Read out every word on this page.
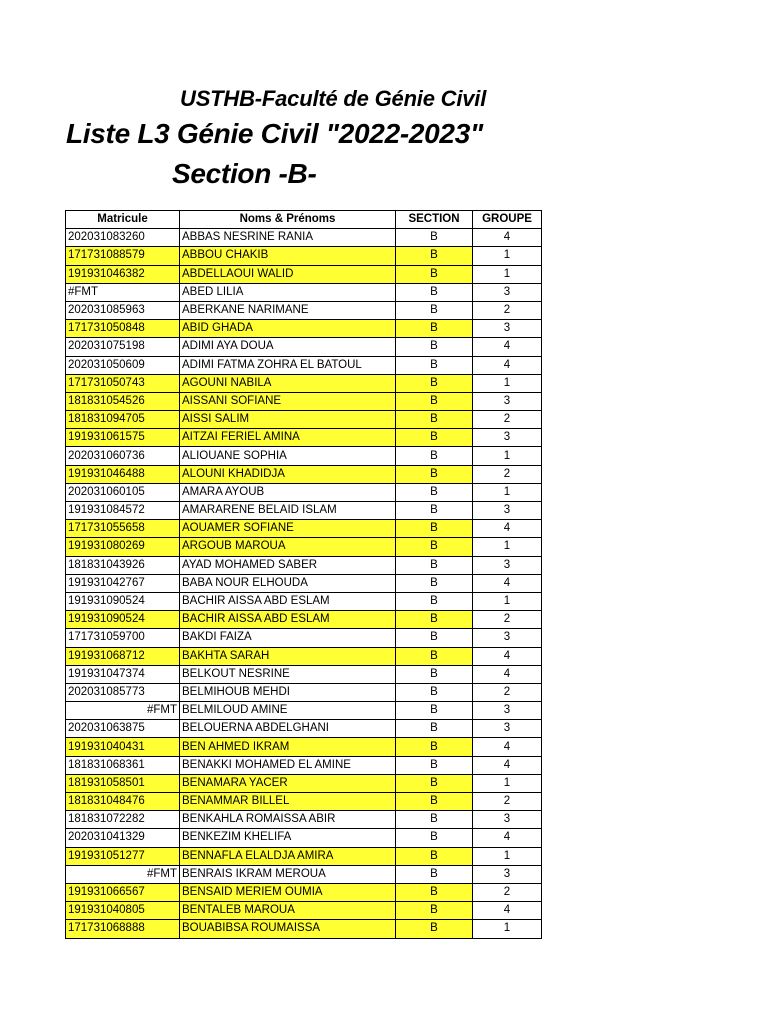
USTHB-Faculté de Génie Civil
Liste L3 Génie Civil "2022-2023"
Section -B-
Matricule	Noms & Prénoms	SECTION	GROUPE
202031083260	ABBAS NESRINE RANIA	B	4
171731088579	ABBOU CHAKIB	B	1
191931046382	ABDELLAOUI WALID	B	1
#FMT	ABED LILIA	B	3
202031085963	ABERKANE NARIMANE	B	2
171731050848	ABID GHADA	B	3
202031075198	ADIMI AYA DOUA	B	4
202031050609	ADIMI FATMA ZOHRA EL BATOUL	B	4
171731050743	AGOUNI NABILA	B	1
181831054526	AISSANI SOFIANE	B	3
181831094705	AISSI SALIM	B	2
191931061575	AITZAI FERIEL AMINA	B	3
202031060736	ALIOUANE SOPHIA	B	1
191931046488	ALOUNI KHADIDJA	B	2
202031060105	AMARA AYOUB	B	1
191931084572	AMARARENE BELAID ISLAM	B	3
171731055658	AOUAMER SOFIANE	B	4
191931080269	ARGOUB MAROUA	B	1
181831043926	AYAD MOHAMED SABER	B	3
191931042767	BABA NOUR ELHOUDA	B	4
191931090524	BACHIR AISSA ABD ESLAM	B	1
191931090524	BACHIR AISSA ABD ESLAM	B	2
171731059700	BAKDI FAIZA	B	3
191931068712	BAKHTA SARAH	B	4
191931047374	BELKOUT NESRINE	B	4
202031085773	BELMIHOUB MEHDI	B	2
#FMT	BELMILOUD AMINE	B	3
202031063875	BELOUERNA ABDELGHANI	B	3
191931040431	BEN AHMED IKRAM	B	4
181831068361	BENAKKI MOHAMED EL AMINE	B	4
181931058501	BENAMARA YACER	B	1
181831048476	BENAMMAR BILLEL	B	2
181831072282	BENKAHLA ROMAISSA ABIR	B	3
202031041329	BENKEZIM KHELIFA	B	4
191931051277	BENNAFLA ELALDJA AMIRA	B	1
#FMT	BENRAIS IKRAM MEROUA	B	3
191931066567	BENSAID MERIEM OUMIA	B	2
191931040805	BENTALEB MAROUA	B	4
171731068888	BOUABIBSA ROUMAISSA	B	1
